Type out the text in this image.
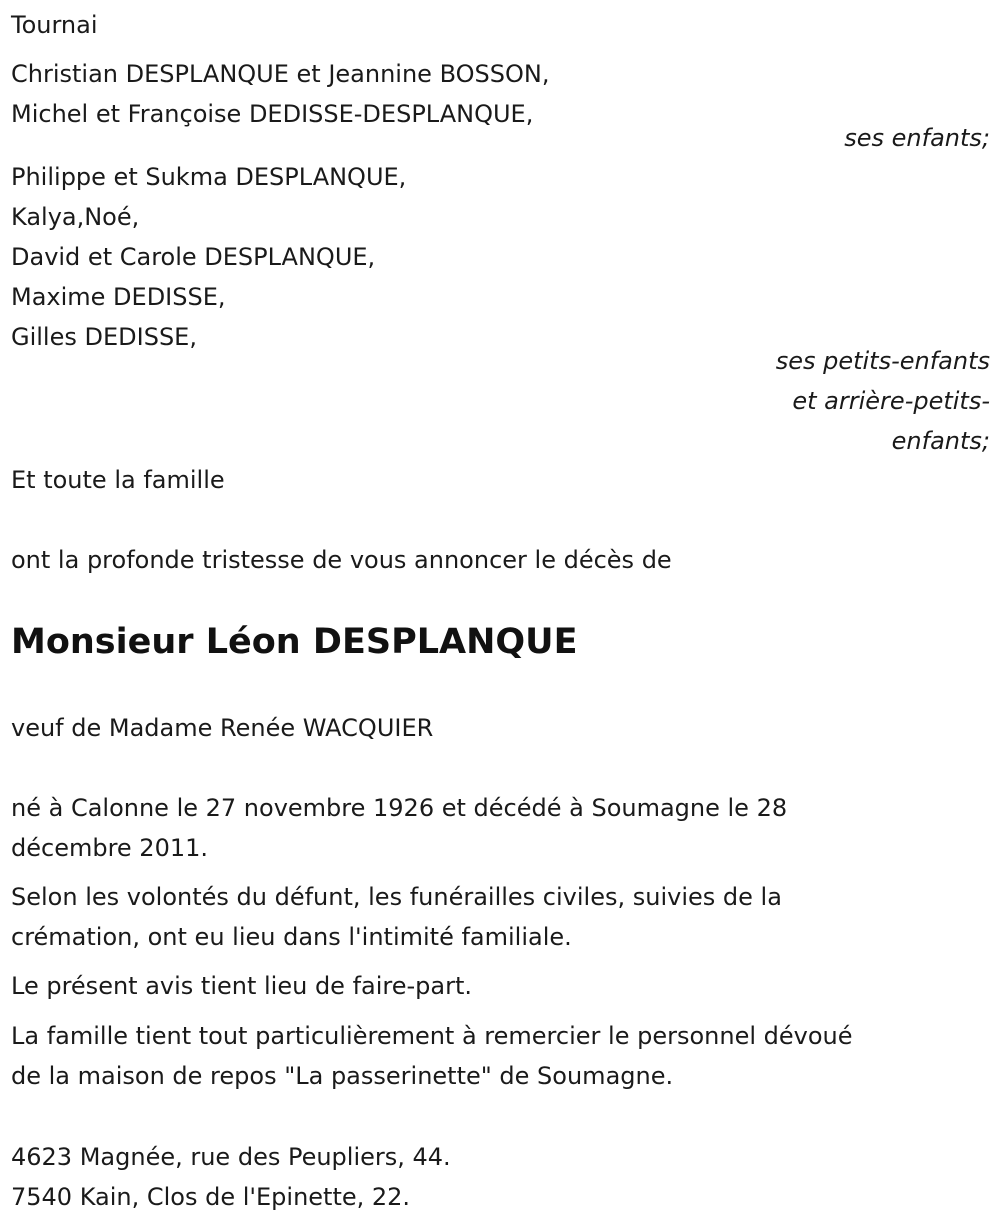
Tournai
Christian DESPLANQUE et Jeannine BOSSON,
Michel et Françoise DEDISSE-DESPLANQUE,
ses enfants;
Philippe et Sukma DESPLANQUE,
Kalya,Noé,
David et Carole DESPLANQUE,
Maxime DEDISSE,
Gilles DEDISSE,
ses petits-enfants
et arrière-petits-
enfants;
Et toute la famille
ont la profonde tristesse de vous annoncer le décès de
Monsieur Léon DESPLANQUE
veuf de Madame Renée WACQUIER
né à Calonne le 27 novembre 1926 et décédé à Soumagne le 28
décembre 2011.
Selon les volontés du défunt, les funérailles civiles, suivies de la
crémation, ont eu lieu dans l'intimité familiale.
Le présent avis tient lieu de faire-part.
La famille tient tout particulièrement à remercier le personnel dévoué
de la maison de repos "La passerinette" de Soumagne.
4623 Magnée, rue des Peupliers, 44.
7540 Kain, Clos de l'Epinette, 22.
